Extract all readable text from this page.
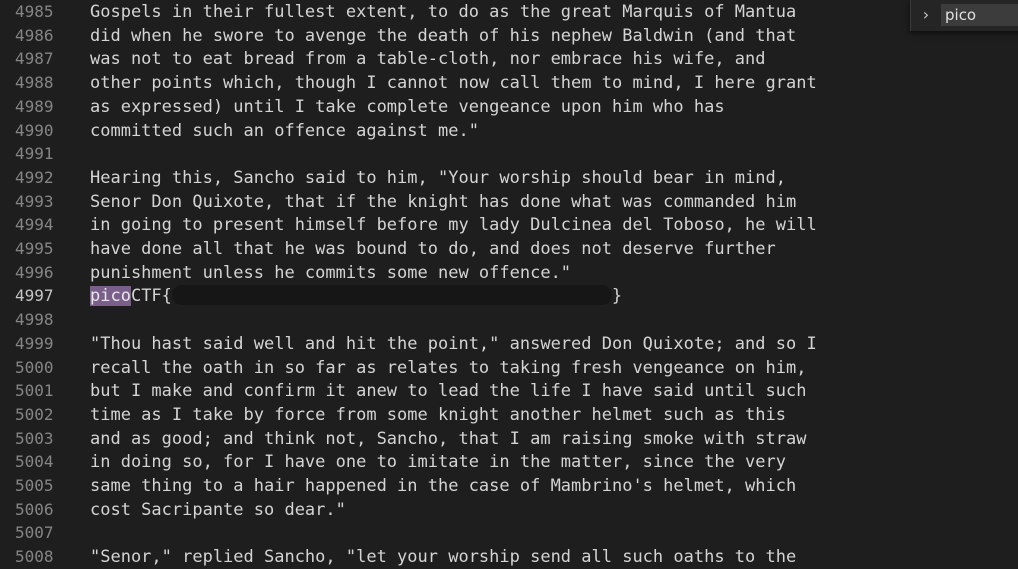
4985	Gospels in their fullest extent, to do as the great Marquis of Mantua
4986	did when he swore to avenge the death of his nephew Baldwin (and that
4987	was not to eat bread from a table-cloth, nor embrace his wife, and
4988	other points which, though I cannot now call them to mind, I here grant
4989	as expressed) until I take complete vengeance upon him who has
4990	committed such an offence against me."
4991
4992	Hearing this, Sancho said to him, "Your worship should bear in mind,
4993	Senor Don Quixote, that if the knight has done what was commanded him
4994	in going to present himself before my lady Dulcinea del Toboso, he will
4995	have done all that he was bound to do, and does not deserve further
4996	punishment unless he commits some new offence."
4997	picoCTF{	}
4998
4999	"Thou hast said well and hit the point," answered Don Quixote; and so I
5000	recall the oath in so far as relates to taking fresh vengeance on him,
5001	but I make and confirm it anew to lead the life I have said until such
5002	time as I take by force from some knight another helmet such as this
5003	and as good; and think not, Sancho, that I am raising smoke with straw
5004	in doing so, for I have one to imitate in the matter, since the very
5005	same thing to a hair happened in the case of Mambrino's helmet, which
5006	cost Sacripante so dear."
5007
5008	"Senor," replied Sancho, "let your worship send all such oaths to the
›
pico
